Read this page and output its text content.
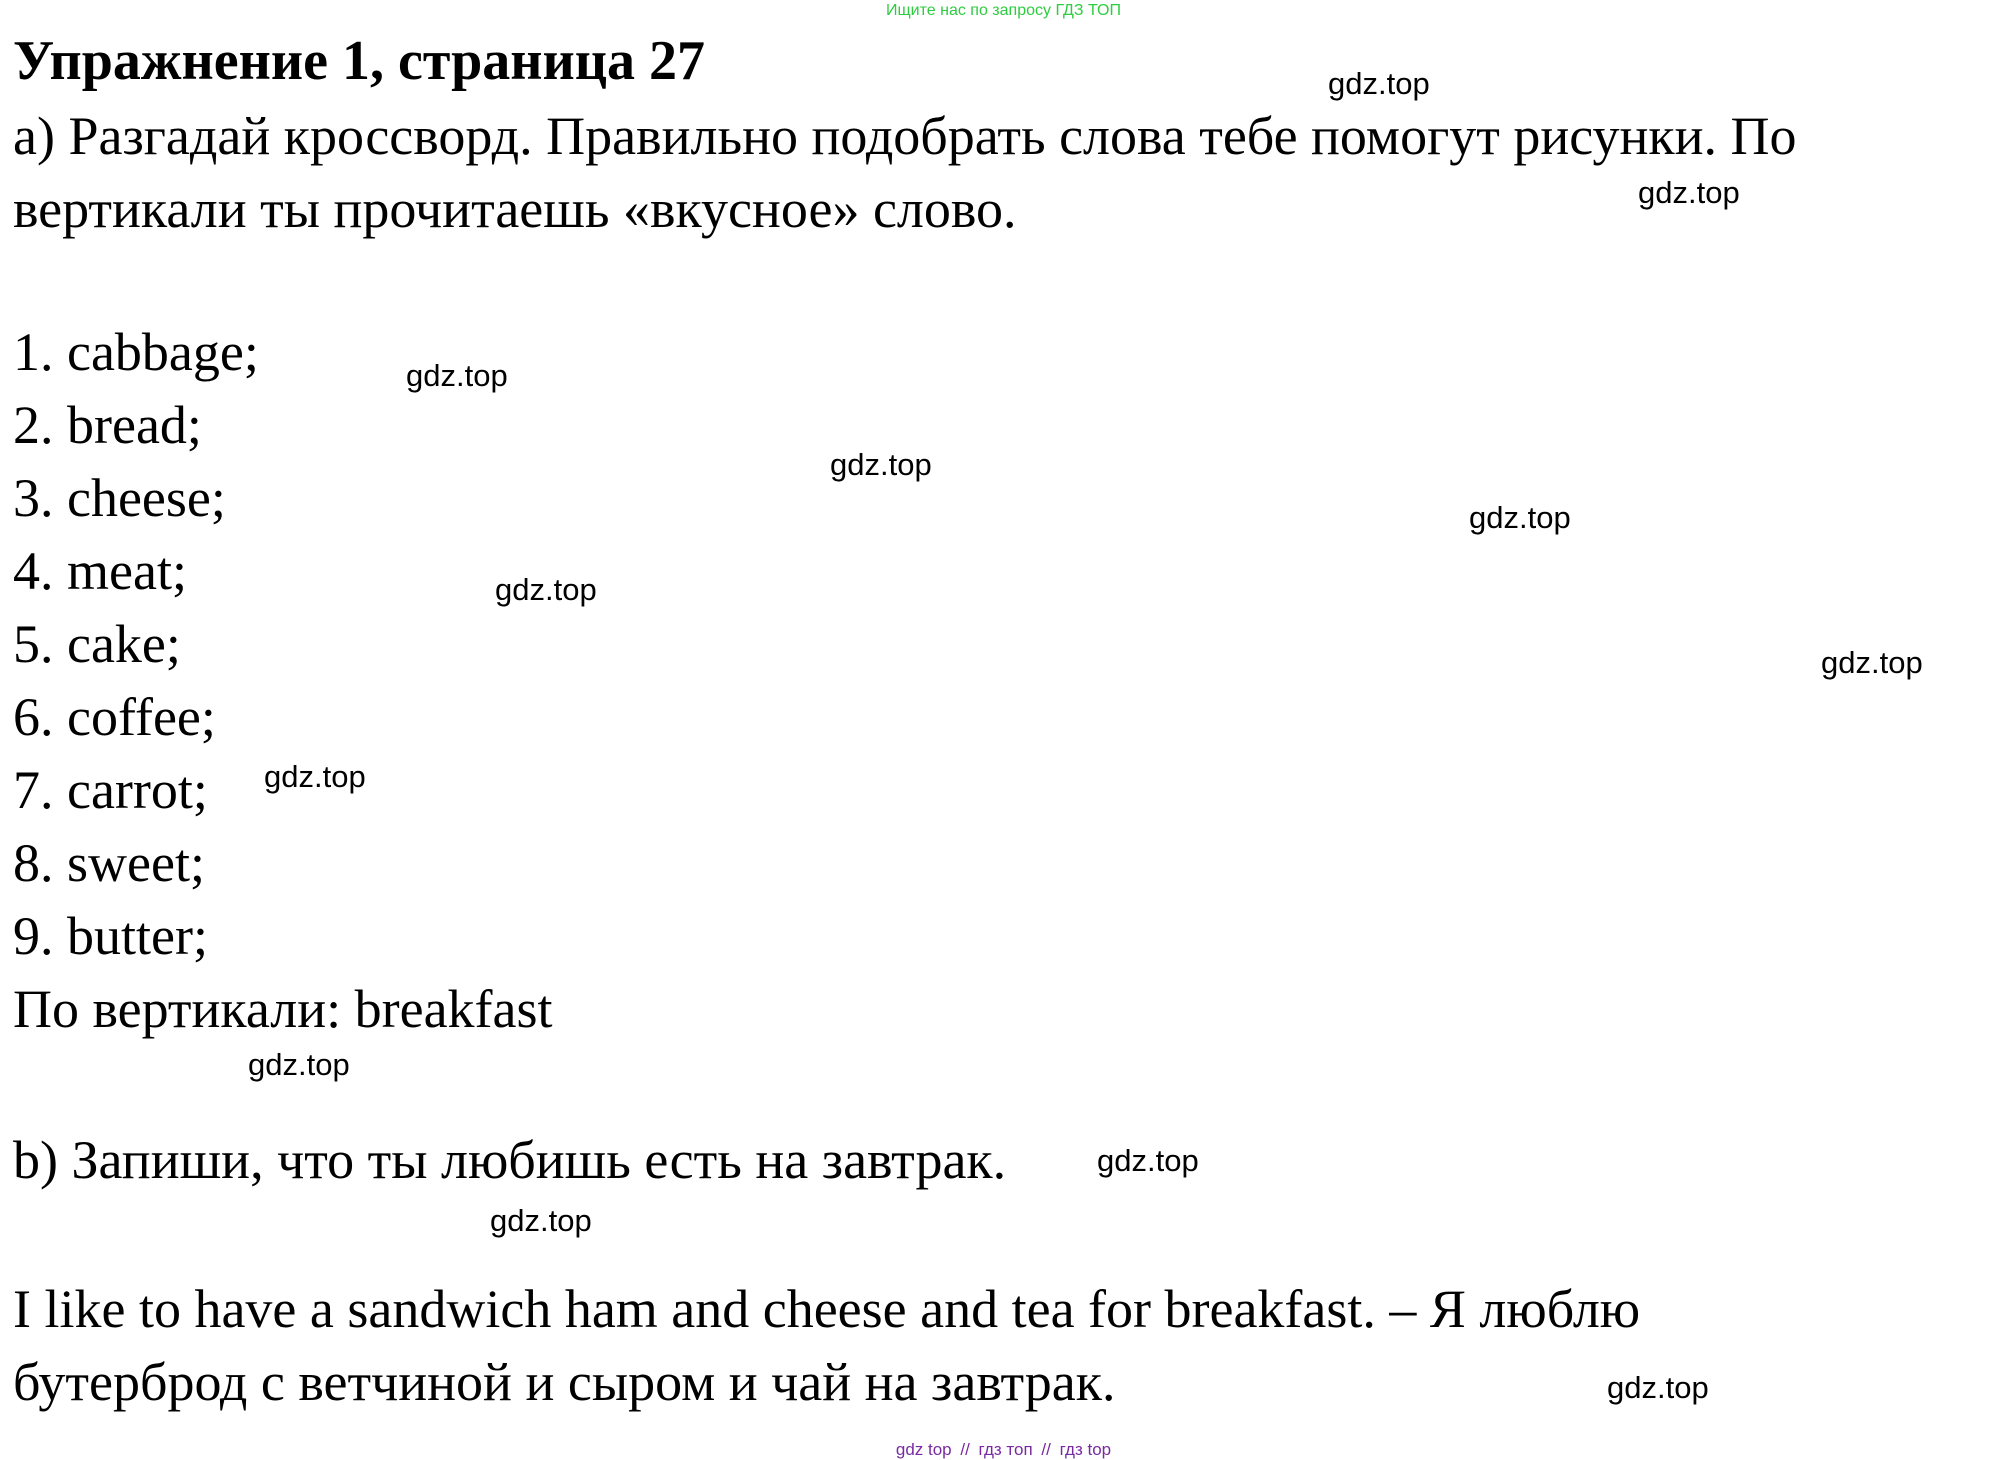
Ищите нас по запросу ГДЗ ТОП
Упражнение 1, страница 27
a) Разгадай кроссворд. Правильно подобрать слова тебе помогут рисунки. По
вертикали ты прочитаешь «вкусное» слово.
1. cabbage;
2. bread;
3. cheese;
4. meat;
5. cake;
6. coffee;
7. carrot;
8. sweet;
9. butter;
По вертикали: breakfast
b) Запиши, что ты любишь есть на завтрак.
I like to have a sandwich ham and cheese and tea for breakfast. – Я люблю
бутерброд с ветчиной и сыром и чай на завтрак.
gdz.top
gdz.top
gdz.top
gdz.top
gdz.top
gdz.top
gdz.top
gdz.top
gdz.top
gdz.top
gdz.top
gdz.top
gdz top // гдз топ // гдз top
